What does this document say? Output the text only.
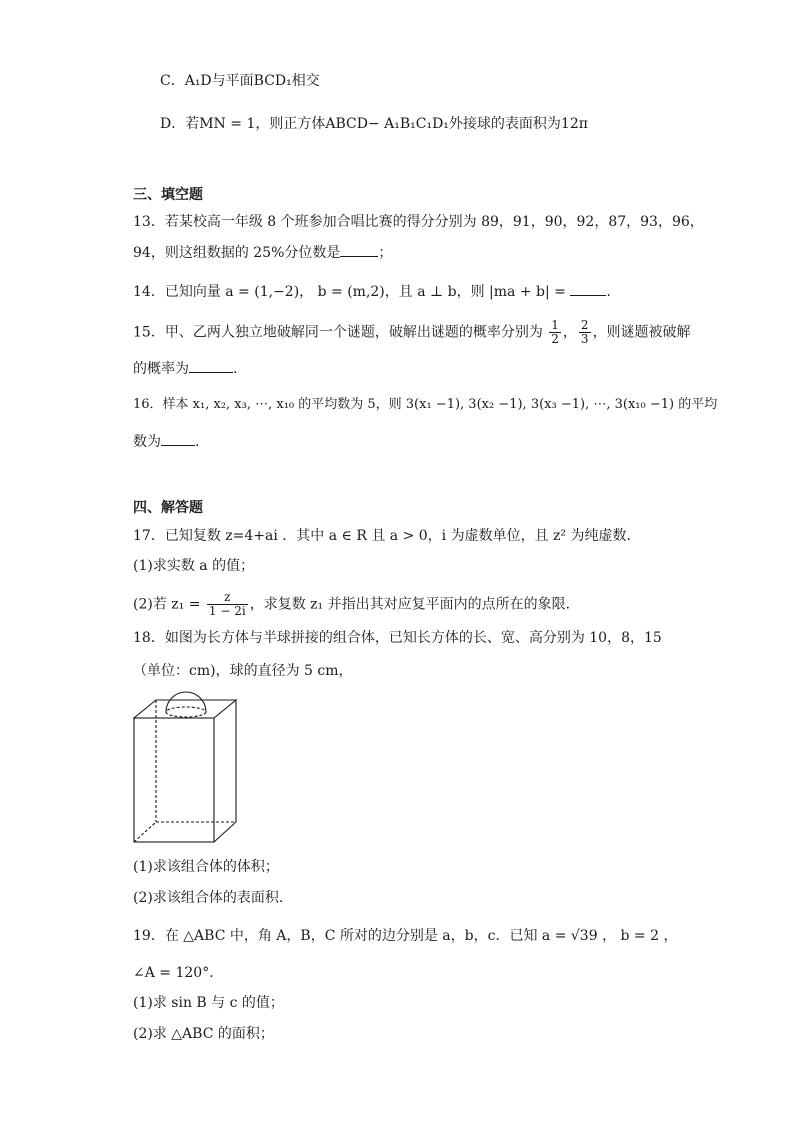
C．A₁D与平面BCD₁相交
D．若MN = 1，则正方体ABCD− A₁B₁C₁D₁外接球的表面积为12π
三、填空题
13．若某校高一年级 8 个班参加合唱比赛的得分分别为 89，91，90，92，87，93，96，
94，则这组数据的 25%分位数是	；
14．已知向量 a = (1,−2)， b = (m,2)，且 a ⊥ b，则 |ma + b| =	.
15．甲、乙两人独立地破解同一个谜题，破解出谜题的概率分别为 $\frac{1}{2}$ ， $\frac{2}{3}$ ，则谜题被破解
的概率为	.
16．样本 x₁, x₂, x₃, ⋯, x₁₀ 的平均数为 5，则 3(x₁ −1), 3(x₂ −1), 3(x₃ −1), ⋯, 3(x₁₀ −1) 的平均
数为 .
四、解答题
17．已知复数 z=4+ai ．其中 a ∈ R 且 a > 0，i 为虚数单位，且 z² 为纯虚数．
(1)求实数 a 的值；
(2)若 $z_1 = \frac{z}{1 - 2i}$ ，求复数 z₁ 并指出其对应复平面内的点所在的象限．
18．如图为长方体与半球拼接的组合体，已知长方体的长、宽、高分别为 10，8，15
（单位：cm)，球的直径为 5 cm，
(1)求该组合体的体积；
(2)求该组合体的表面积.
19．在 △ABC 中，角 A，B，C 所对的边分别是 a，b，c．已知 a = √39 ， b = 2 ，
∠A = 120°．
(1)求 sin B 与 c 的值；
(2)求 △ABC 的面积；
